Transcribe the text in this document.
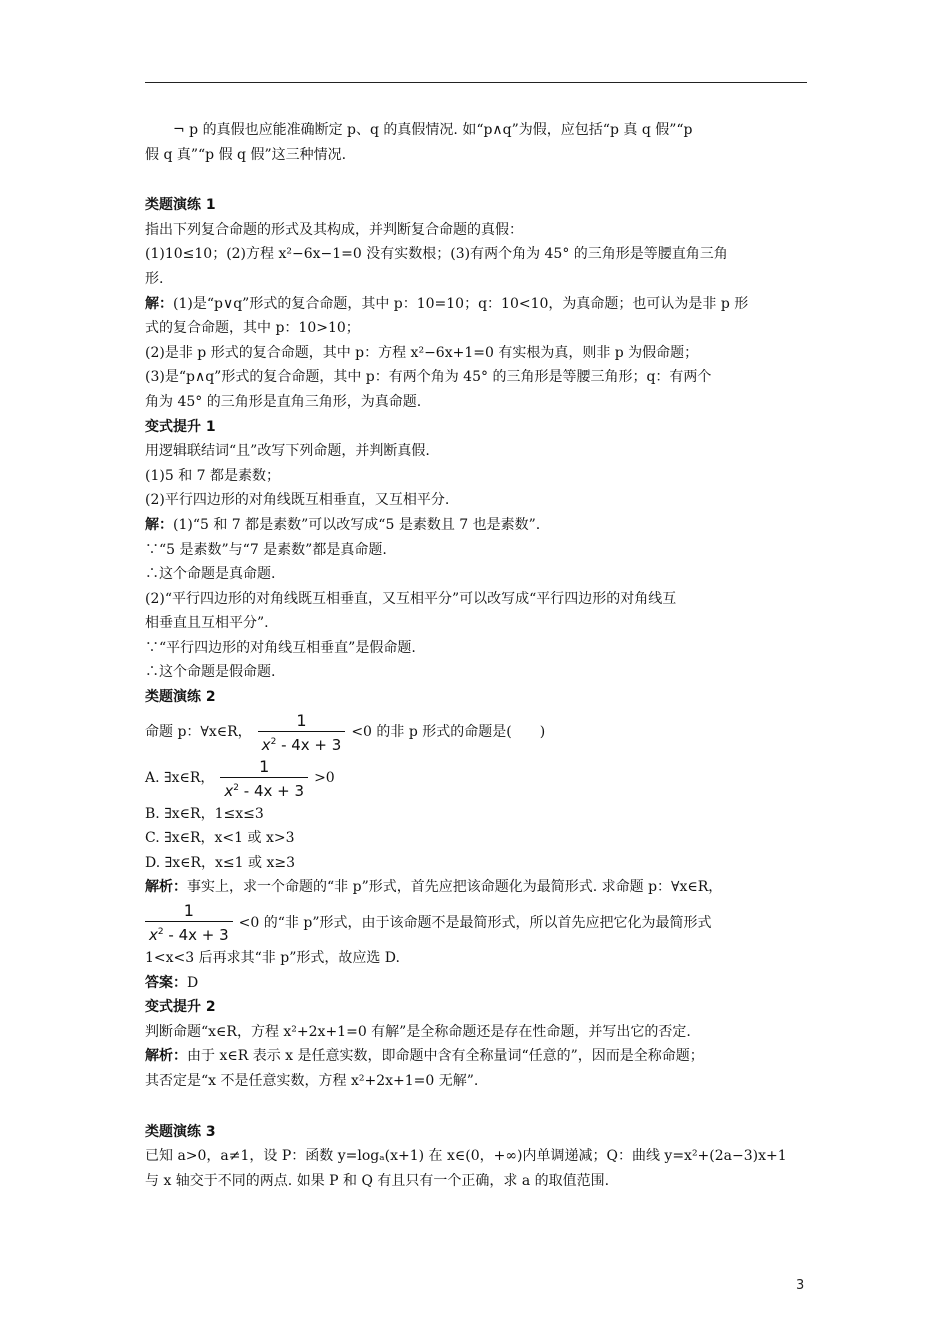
¬ p 的真假也应能准确断定 p、q 的真假情况. 如“p∧q”为假，应包括“p 真 q 假”“p

假 q 真”“p 假 q 假”这三种情况.

类题演练 1

指出下列复合命题的形式及其构成，并判断复合命题的真假：

(1)10≤10；(2)方程 x²−6x−1=0 没有实数根；(3)有两个角为 45° 的三角形是等腰直角三角

形.

解：(1)是“p∨q”形式的复合命题，其中 p：10=10；q：10<10，为真命题；也可认为是非 p 形

式的复合命题，其中 p：10>10；

(2)是非 p 形式的复合命题，其中 p：方程 x²−6x+1=0 有实根为真，则非 p 为假命题；

(3)是“p∧q”形式的复合命题，其中 p：有两个角为 45° 的三角形是等腰三角形；q：有两个

角为 45° 的三角形是直角三角形，为真命题.

变式提升 1

用逻辑联结词“且”改写下列命题，并判断真假.

(1)5 和 7 都是素数；

(2)平行四边形的对角线既互相垂直，又互相平分.

解：(1)“5 和 7 都是素数”可以改写成“5 是素数且 7 也是素数”.

∵“5 是素数”与“7 是素数”都是真命题.

∴这个命题是真命题.

(2)“平行四边形的对角线既互相垂直，又互相平分”可以改写成“平行四边形的对角线互

相垂直且互相平分”.

∵“平行四边形的对角线互相垂直”是假命题.

∴这个命题是假命题.

类题演练 2

命题 p：∀x∈R， $\frac{1}{x^2 - 4x + 3} <0$ 的非 p 形式的命题是(　　)
A. ∃x∈R， $\frac{1}{x^2 - 4x + 3} >0$

B. ∃x∈R，1≤x≤3

C. ∃x∈R，x<1 或 x>3

D. ∃x∈R，x≤1 或 x≥3

解析：事实上，求一个命题的“非 p”形式，首先应把该命题化为最简形式. 求命题 p：∀x∈R，

$\frac{1}{x^2 - 4x + 3} <0$ 的“非 p”形式，由于该命题不是最简形式，所以首先应把它化为最简形式

1<x<3 后再求其“非 p”形式，故应选 D.

答案：D

变式提升 2

判断命题“x∈R，方程 x²+2x+1=0 有解”是全称命题还是存在性命题，并写出它的否定.

解析：由于 x∈R 表示 x 是任意实数，即命题中含有全称量词“任意的”，因而是全称命题；

其否定是“x 不是任意实数，方程 x²+2x+1=0 无解”.

类题演练 3

已知 a>0，a≠1，设 P：函数 y=logₐ(x+1) 在 x∈(0，+∞)内单调递减；Q：曲线 y=x²+(2a−3)x+1

与 x 轴交于不同的两点. 如果 P 和 Q 有且只有一个正确，求 a 的取值范围.

3
